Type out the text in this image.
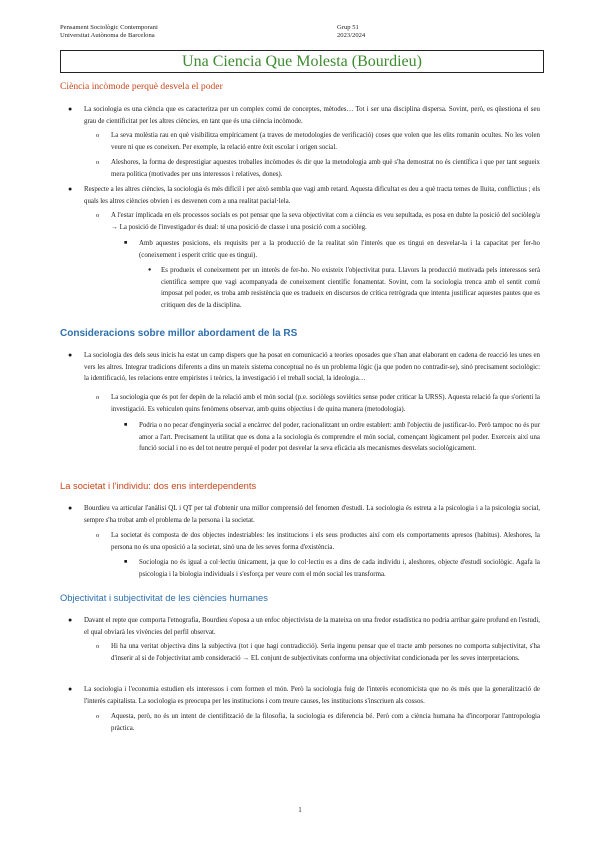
Pensament Sociològic Contemporani
Universitat Autònoma de Barcelona
Grup 51
2023/2024
Una Ciencia Que Molesta (Bourdieu)
Ciència incòmode perquè desvela el poder
● La sociologia es una ciència que es caracteritza per un complex comú de conceptes, mètodes… Tot i ser una disciplina dispersa. Sovint, però, es qüestiona el seu grau de científicitat per les altres ciències, en tant que és una ciència incòmode.
o La seva molèstia rau en què visibilitza empíricament (a traves de metodologies de verificació) coses que volen que les elits romanin ocultes. No les volen veure ni que es coneixen. Per exemple, la relació entre èxit escolar i origen social.
o Aleshores, la forma de desprestigiar aquestes troballes incòmodes és dir que la metodologia amb què s'ha demostrat no és científica i que per tant segueix mera política (motivades per uns interessos i relatives, dones).
● Respecte a les altres ciències, la sociologia és més difícil i per això sembla que vagi amb retard. Aquesta dificultat es deu a què tracta temes de lluita, conflictius ; els quals les altres ciències obvien i es desvenen com a una realitat pacial·lela.
o A l'estar implicada en els processos socials es pot pensar que la seva objectivitat com a ciència es veu sepultada, es posa en dubte la posició del sociòleg/a → La posició de l'investigador és dual: té una posició de classe i una posició com a sociòleg.
■ Amb aquestes posicions, els requisits per a la producció de la realitat són l'interès que es tingui en desvelar-la i la capacitat per fer-ho (coneixement i esperit crític que es tingui).
● Es produeix el coneixement per un interès de fer-ho. No existeix l'objectivitat pura. Llavors la producció motivada pels interessos serà científica sempre que vagi acompanyada de coneixement científic fonamentat. Sovint, com la sociologia trenca amb el sentit comú imposat pel poder, es troba amb resistència que es tradueix en discursos de crítica retrògrada que intenta justificar aquestes pautes que es critiquen des de la disciplina.
Consideracions sobre millor abordament de la RS
● La sociologia des dels seus inicis ha estat un camp dispers que ha posat en comunicació a teories oposades que s'han anat elaborant en cadena de reacció les unes en vers les altres. Integrar tradicions diferents a dins un mateix sistema conceptual no és un problema lògic (ja que poden no contradir-se), sinó precisament sociològic: la identificació, les relacions entre empiristes i teòrics, la investigació i el treball social, la ideologia…
o La sociologia que és pot fer depèn de la relació amb el món social (p.e. sociòlegs soviètics sense poder criticar la URSS). Aquesta relació fa que s'orienti la investigació. Es vehiculen quins fenòmens observar, amb quins objectius i de quina manera (metodologia).
■ Podria o no pecar d'enginyeria social a encàrrec del poder, racionalitzant un ordre establert: amb l'objectiu de justificar-lo. Però tampoc no és pur amor a l'art. Precisament la utilitat que es dona a la sociologia és comprendre el món social, començant lògicament pel poder. Exerceix així una funció social i no es del tot neutre perquè el poder pot desvelar la seva eficàcia als mecanismes desvelats sociològicament.
La societat i l'individu: dos ens interdependents
● Bourdieu va articular l'anàlisi QL i QT per tal d'obtenir una millor comprensió del fenomen d'estudi. La sociologia és estreta a la psicologia i a la psicologia social, sempre s'ha trobat amb el problema de la persona i la societat.
o La societat és composta de dos objectes indestriables: les institucions i els seus productes així com els comportaments apresos (habitus). Aleshores, la persona no és una oposició a la societat, sinó una de les seves forma d'existència.
■ Sociologia no és igual a col·lectiu únicament, ja que lo col·lectiu es a dins de cada individu i, aleshores, objecte d'estudi sociològic. Agafa la psicologia i la biologia individuals i s'esforça per veure com el món social les transforma.
Objectivitat i subjectivitat de les ciències humanes
● Davant el repte que comporta l'etnografia, Bourdieu s'oposa a un enfoc objectivista de la mateixa on una fredor estadística no podria arribar gaire profund en l'estudi, el qual obviarà les vivències del perfil observat.
o Hi ha una veritat objectiva dins la subjectiva (tot i que hagi contradicció). Seria ingenu pensar que el tracte amb persones no comporta subjectivitat, s'ha d'inserir al si de l'objectivitat amb consideració → EL conjunt de subjectivitats conforma una objectivitat condicionada per les seves interpretacions.
● La sociologia i l'economia estudien els interessos i com formen el món. Però la sociologia fuig de l'interès economicista que no és més que la generalització de l'interès capitalista. La sociologia es preocupa per les institucions i com treure causes, les institucions s'inscriuen als cossos.
o Aquesta, però, no és un intent de cientifització de la filosofia, la sociologia es diferencia bé. Però com a ciència humana ha d'incorporar l'antropologia pràctica.
1
